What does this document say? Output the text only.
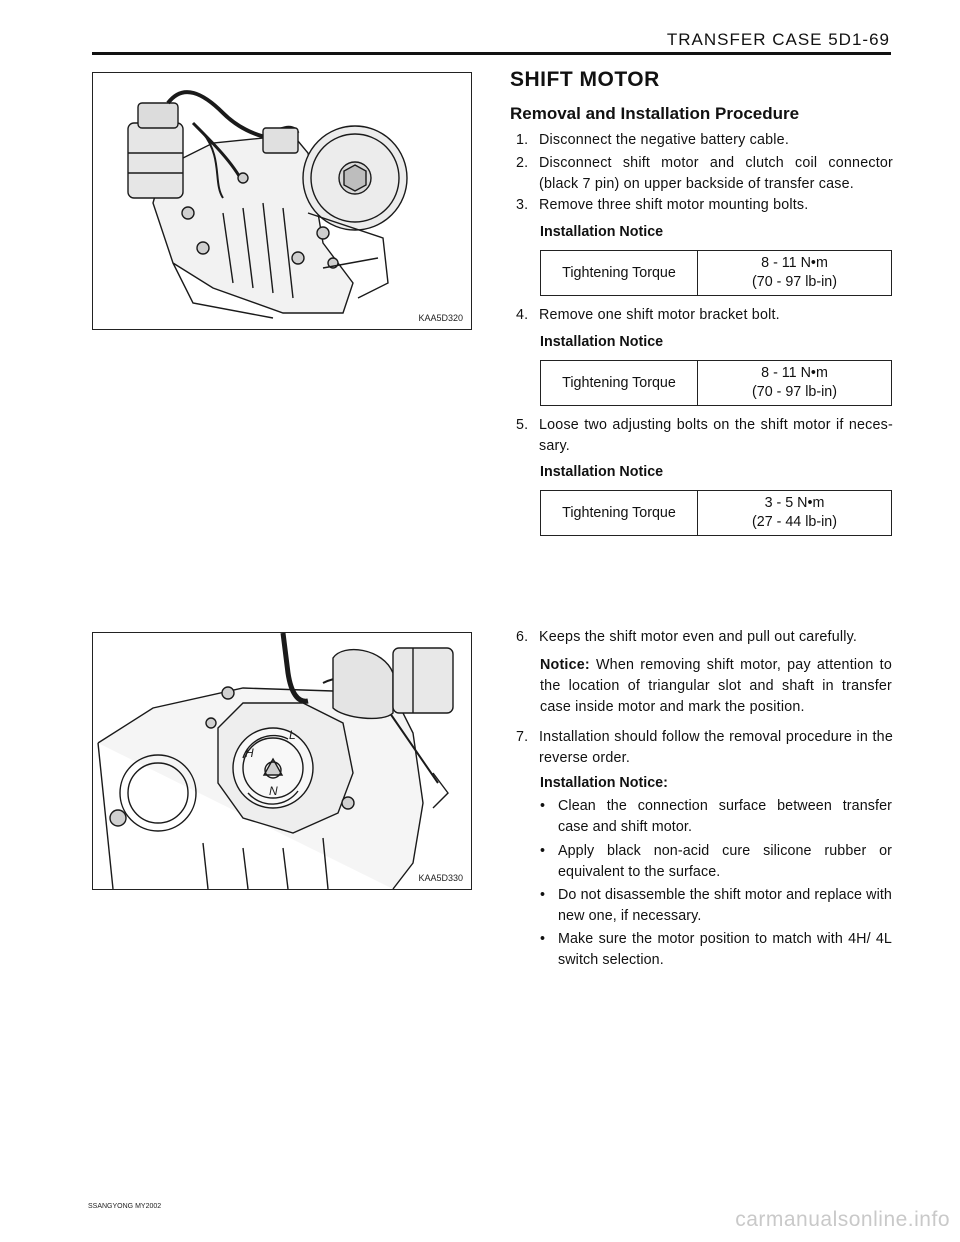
TRANSFER CASE 5D1-69
KAA5D320
H
L
N
KAA5D330
SHIFT MOTOR
Removal and Installation Procedure
1. Disconnect the negative battery cable.
2. Disconnect shift motor and clutch coil connector (black 7 pin) on upper backside of transfer case.
3. Remove three shift motor mounting bolts.
Installation Notice
Tightening Torque
8 - 11 N•m
(70 - 97 lb-in)
4. Remove one shift motor bracket bolt.
Installation Notice
Tightening Torque
8 - 11 N•m
(70 - 97 lb-in)
5. Loose two adjusting bolts on the shift motor if neces-sary.
Installation Notice
Tightening Torque
3 - 5 N•m
(27 - 44 lb-in)
6. Keeps the shift motor even and pull out carefully.
Notice: When removing shift motor, pay attention to the location of triangular slot and shaft in transfer case inside motor and mark the position.
7. Installation should follow the removal procedure in the reverse order.
Installation Notice:
• Clean the connection surface between transfer case and shift motor.
• Apply black non-acid cure silicone rubber or equivalent to the surface.
• Do not disassemble the shift motor and replace with new one, if necessary.
• Make sure the motor position to match with 4H/ 4L switch selection.
SSANGYONG MY2002
carmanualsonline.info
